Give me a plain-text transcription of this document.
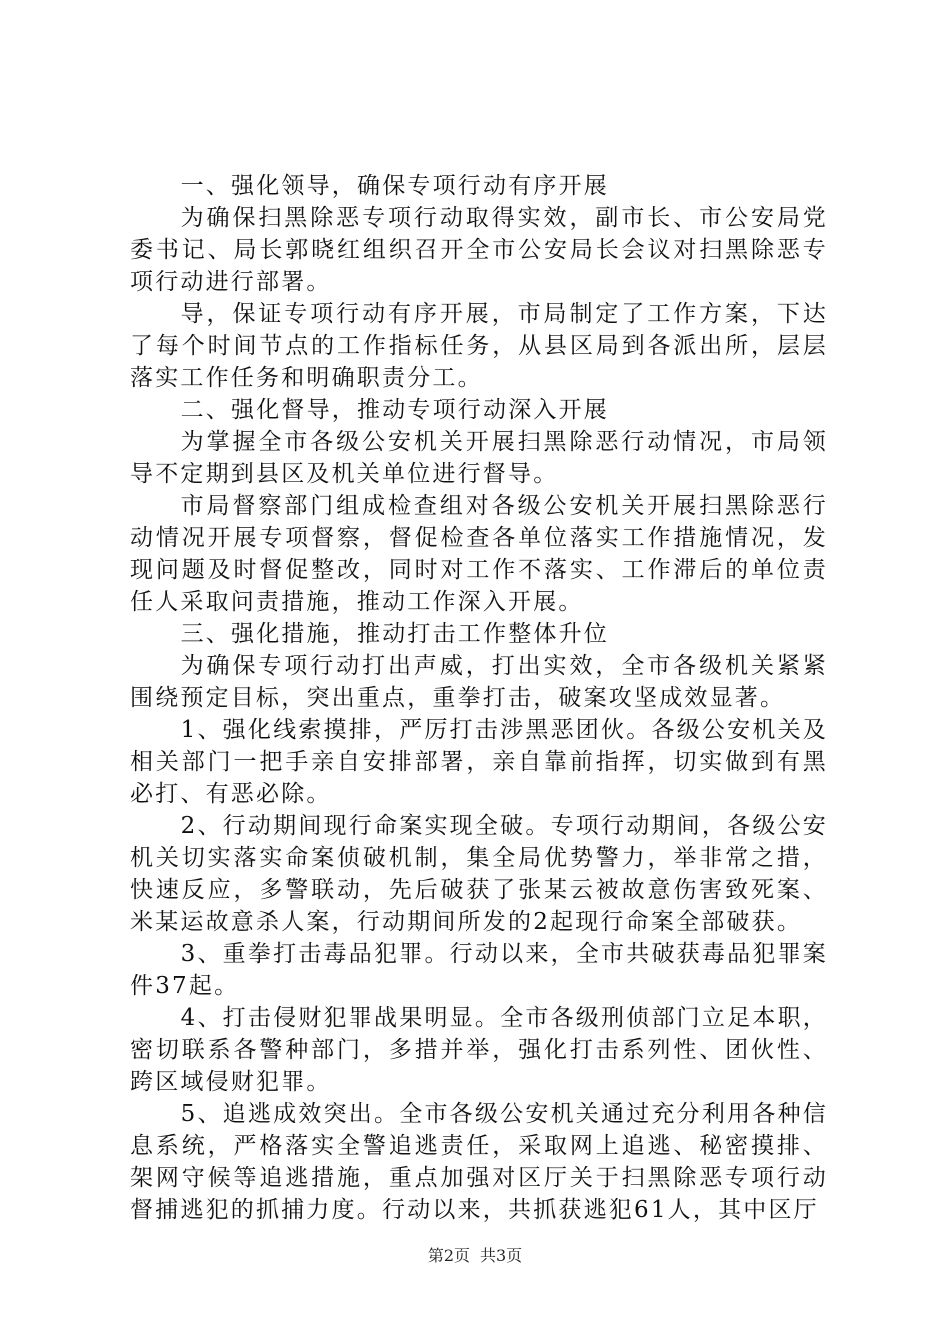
一、强化领导，确保专项行动有序开展

为确保扫黑除恶专项行动取得实效，副市长、市公安局党委书记、局长郭晓红组织召开全市公安局长会议对扫黑除恶专项行动进行部署。

导，保证专项行动有序开展，市局制定了工作方案，下达了每个时间节点的工作指标任务，从县区局到各派出所，层层落实工作任务和明确职责分工。

二、强化督导，推动专项行动深入开展

为掌握全市各级公安机关开展扫黑除恶行动情况，市局领导不定期到县区及机关单位进行督导。

市局督察部门组成检查组对各级公安机关开展扫黑除恶行动情况开展专项督察，督促检查各单位落实工作措施情况，发现问题及时督促整改，同时对工作不落实、工作滞后的单位责任人采取问责措施，推动工作深入开展。

三、强化措施，推动打击工作整体升位

为确保专项行动打出声威，打出实效，全市各级机关紧紧围绕预定目标，突出重点，重拳打击，破案攻坚成效显著。

1、强化线索摸排，严厉打击涉黑恶团伙。各级公安机关及相关部门一把手亲自安排部署，亲自靠前指挥，切实做到有黑必打、有恶必除。

2、行动期间现行命案实现全破。专项行动期间，各级公安机关切实落实命案侦破机制，集全局优势警力，举非常之措，快速反应，多警联动，先后破获了张某云被故意伤害致死案、米某运故意杀人案，行动期间所发的2起现行命案全部破获。

3、重拳打击毒品犯罪。行动以来，全市共破获毒品犯罪案件37起。

4、打击侵财犯罪战果明显。全市各级刑侦部门立足本职，密切联系各警种部门，多措并举，强化打击系列性、团伙性、跨区域侵财犯罪。

5、追逃成效突出。全市各级公安机关通过充分利用各种信息系统，严格落实全警追逃责任，采取网上追逃、秘密摸排、架网守候等追逃措施，重点加强对区厅关于扫黑除恶专项行动督捕逃犯的抓捕力度。行动以来，共抓获逃犯61人，其中区厅

第2页 共3页
